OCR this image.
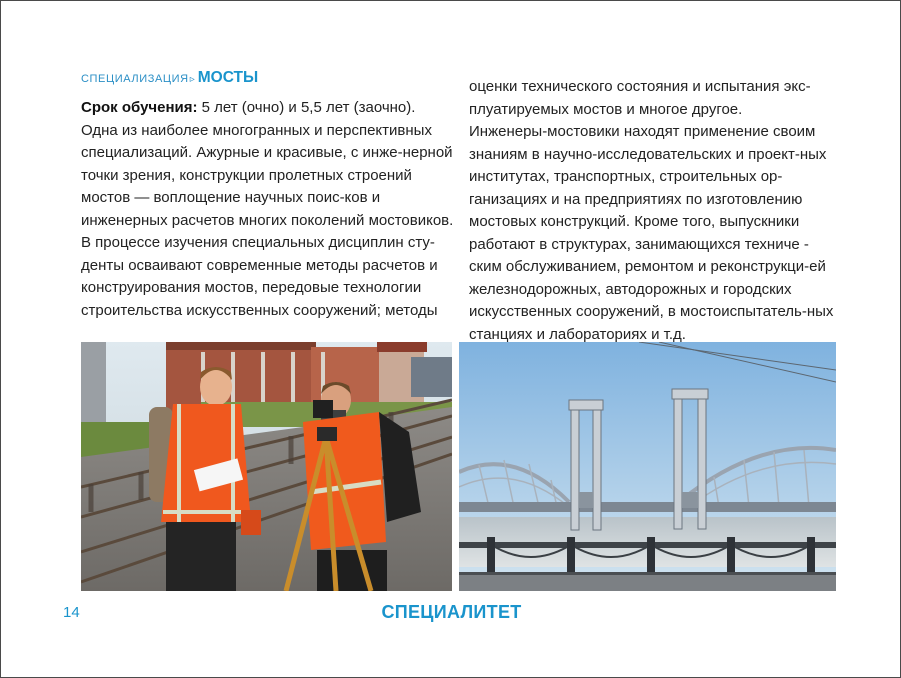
СПЕЦИАЛИЗАЦИЯ▹ МОСТЫ

Срок обучения: 5 лет (очно) и 5,5 лет (заочно).

Одна из наиболее многогранных и перспективных специализаций. Ажурные и красивые, с инже-нерной точки зрения, конструкции пролетных строений мостов — воплощение научных поис-ков и инженерных расчетов многих поколений мостовиков.

В процессе изучения специальных дисциплин сту-денты осваивают современные методы расчетов и конструирования мостов, передовые технологии строительства искусственных сооружений; методы

оценки технического состояния и испытания экс-плуатируемых мостов и многое другое.

Инженеры-мостовики находят применение своим знаниям в научно-исследовательских и проект-ных институтах, транспортных, строительных ор-ганизациях и на предприятиях по изготовлению мостовых конструкций. Кроме того, выпускники работают в структурах, занимающихся техниче - ским обслуживанием, ремонтом и реконструкци-ей железнодорожных, автодорожных и городских искусственных сооружений, в мостоиспытатель-ных станциях и лабораториях и т.д.

14	СПЕЦИАЛИТЕТ
